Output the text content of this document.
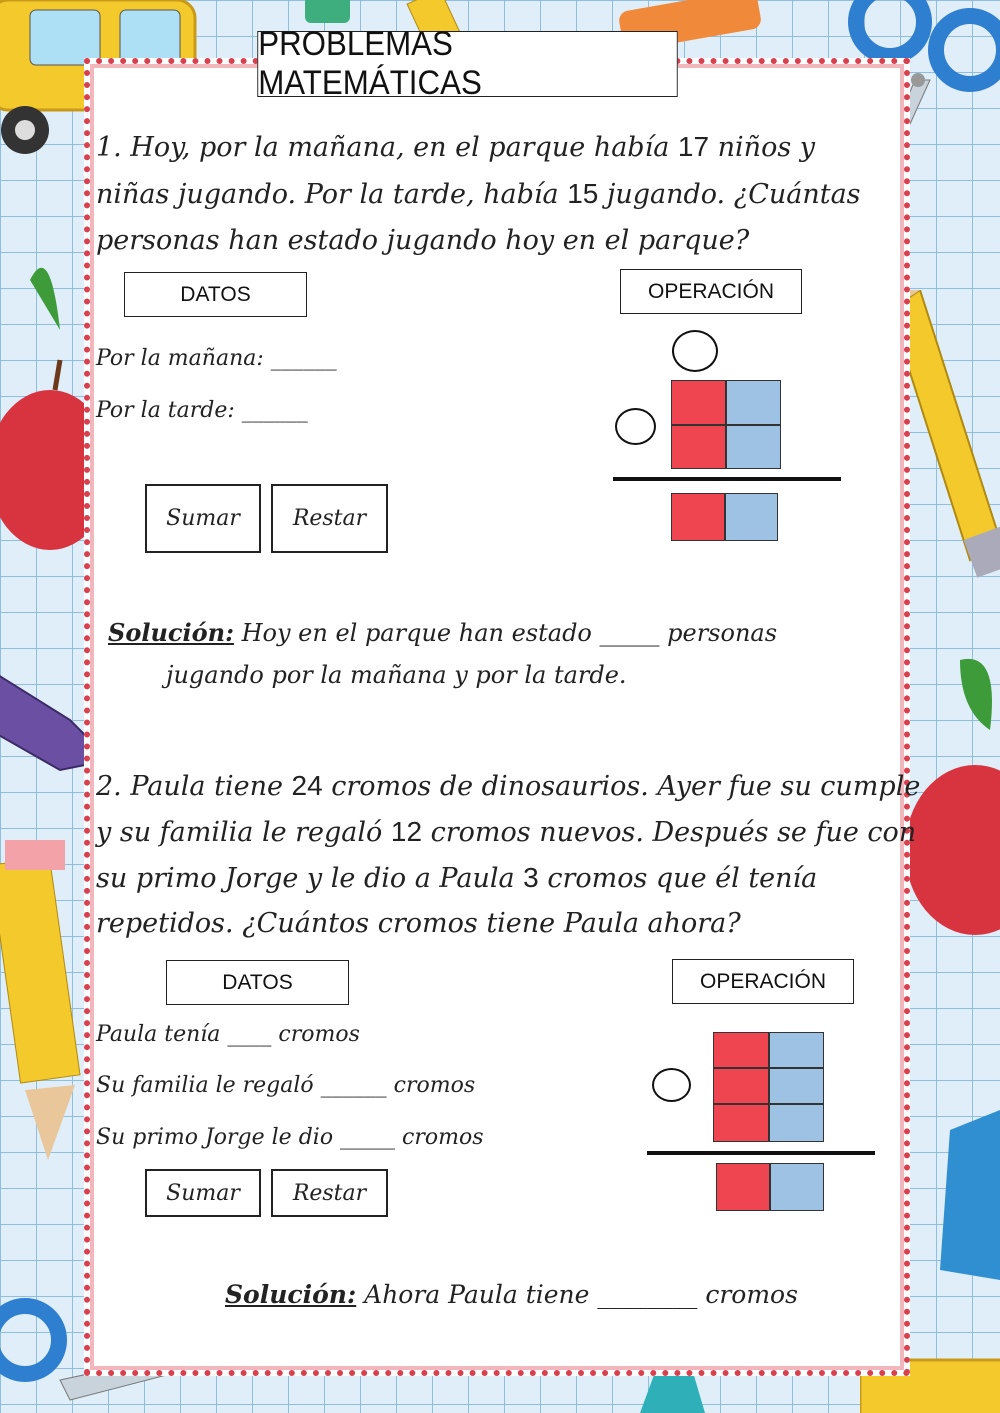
PROBLEMAS MATEMÁTICAS
1. Hoy, por la mañana, en el parque había 17 niños y
niñas jugando. Por la tarde, había 15 jugando. ¿Cuántas
personas han estado jugando hoy en el parque?
DATOS	OPERACIÓN
Por la mañana: ______
Por la tarde: ______
Sumar Restar
Solución: Hoy en el parque han estado _____ personas
jugando por la mañana y por la tarde.
2. Paula tiene 24 cromos de dinosaurios. Ayer fue su cumple
y su familia le regaló 12 cromos nuevos. Después se fue con
su primo Jorge y le dio a Paula 3 cromos que él tenía
repetidos. ¿Cuántos cromos tiene Paula ahora?
DATOS	OPERACIÓN
Paula tenía ____ cromos
Su familia le regaló ______ cromos
Su primo Jorge le dio _____ cromos
Sumar Restar
Solución: Ahora Paula tiene ________ cromos
